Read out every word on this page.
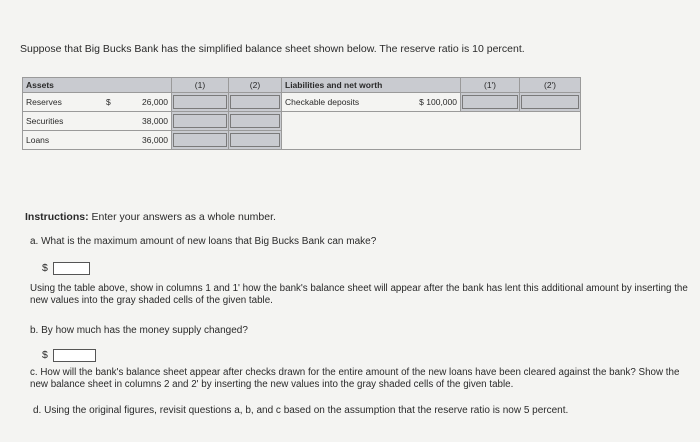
Suppose that Big Bucks Bank has the simplified balance sheet shown below. The reserve ratio is 10 percent.
Assets		(1)	(2)	Liabilities and net worth	(1')	(2')
Reserves	$ 26,000			Checkable deposits $ 100,000

Securities	38,000			
Loans	36,000		
Instructions: Enter your answers as a whole number.
a. What is the maximum amount of new loans that Big Bucks Bank can make?
$
Using the table above, show in columns 1 and 1' how the bank's balance sheet will appear after the bank has lent this additional amount by inserting the new values into the gray shaded cells of the given table.
b. By how much has the money supply changed?
$
c. How will the bank's balance sheet appear after checks drawn for the entire amount of the new loans have been cleared against the bank? Show the new balance sheet in columns 2 and 2' by inserting the new values into the gray shaded cells of the given table.
d. Using the original figures, revisit questions a, b, and c based on the assumption that the reserve ratio is now 5 percent.
